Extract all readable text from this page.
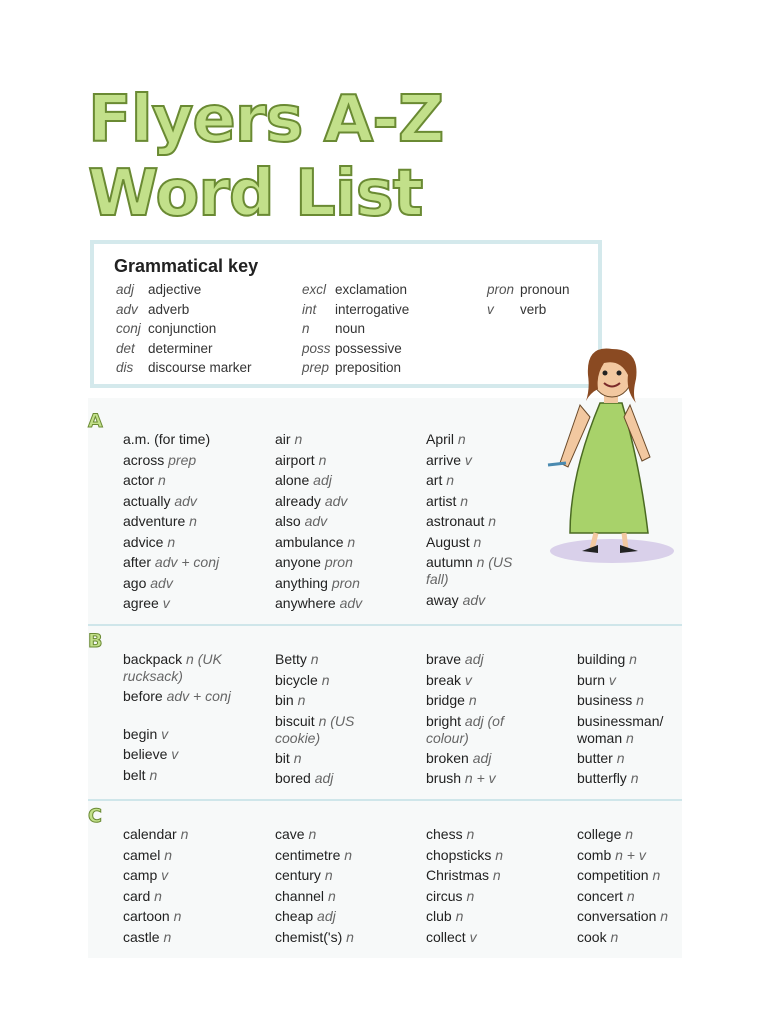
Flyers A-Z
Word List
Grammatical key
adj adjective
adv adverb
conj conjunction
det determiner
dis discourse marker
excl exclamation
int interrogative
n noun
poss possessive
prep preposition
pron pronoun
v verb
A
B
C
a.m. (for time)
across prep
actor n
actually adv
adventure n
advice n
after adv + conj
ago adv
agree v
air n
airport n
alone adj
already adv
also adv
ambulance n
anyone pron
anything pron
anywhere adv
April n
arrive v
art n
artist n
astronaut n
August n
autumn n (US fall)
away adv
backpack n (UK rucksack)
before adv + conj
begin v
believe v
belt n
Betty n
bicycle n
bin n
biscuit n (US cookie)
bit n
bored adj
brave adj
break v
bridge n
bright adj (of colour)
broken adj
brush n + v
building n
burn v
business n
businessman/ woman n
butter n
butterfly n
calendar n
camel n
camp v
card n
cartoon n
castle n
cave n
centimetre n
century n
channel n
cheap adj
chemist('s) n
chess n
chopsticks n
Christmas n
circus n
club n
collect v
college n
comb n + v
competition n
concert n
conversation n
cook n
